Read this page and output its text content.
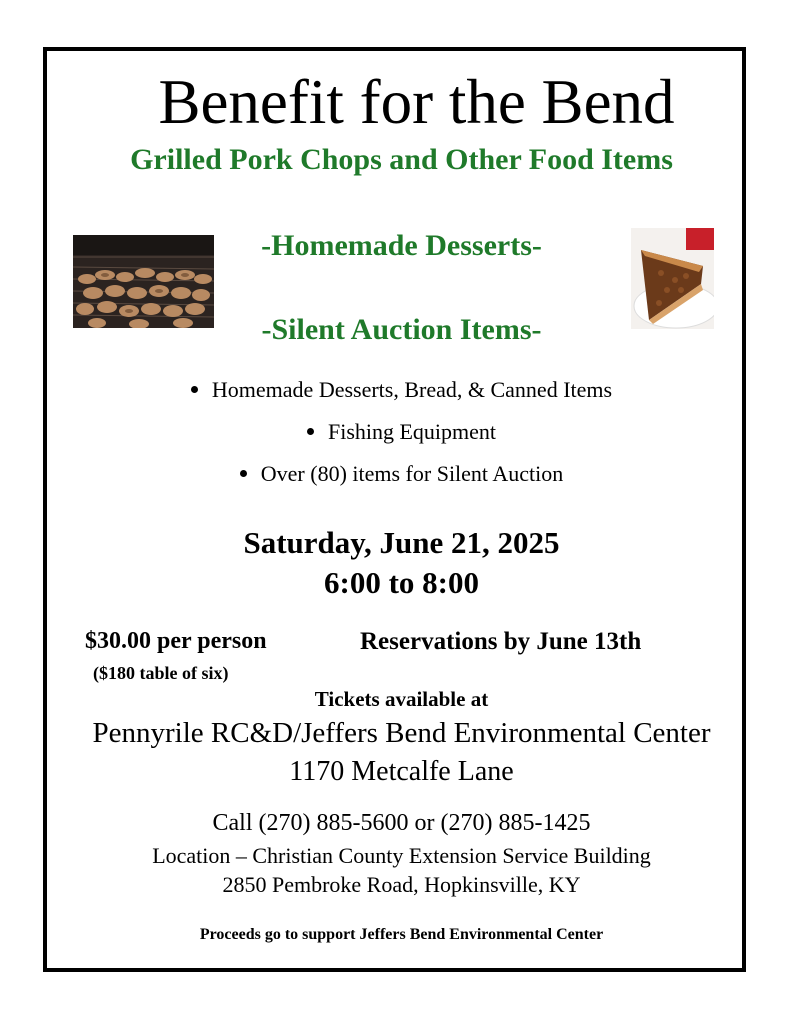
Benefit for the Bend
Grilled Pork Chops and Other Food Items
-Homemade Desserts-
-Silent Auction Items-
Homemade Desserts, Bread, & Canned Items
Fishing Equipment
Over (80) items for Silent Auction
Saturday, June 21, 2025
6:00 to 8:00
$30.00 per person
($180 table of six)
Reservations by June 13th
Tickets available at
Pennyrile RC&D/Jeffers Bend Environmental Center
1170 Metcalfe Lane
Call (270) 885-5600 or (270) 885-1425
Location – Christian County Extension Service Building
2850 Pembroke Road, Hopkinsville, KY
Proceeds go to support Jeffers Bend Environmental Center
